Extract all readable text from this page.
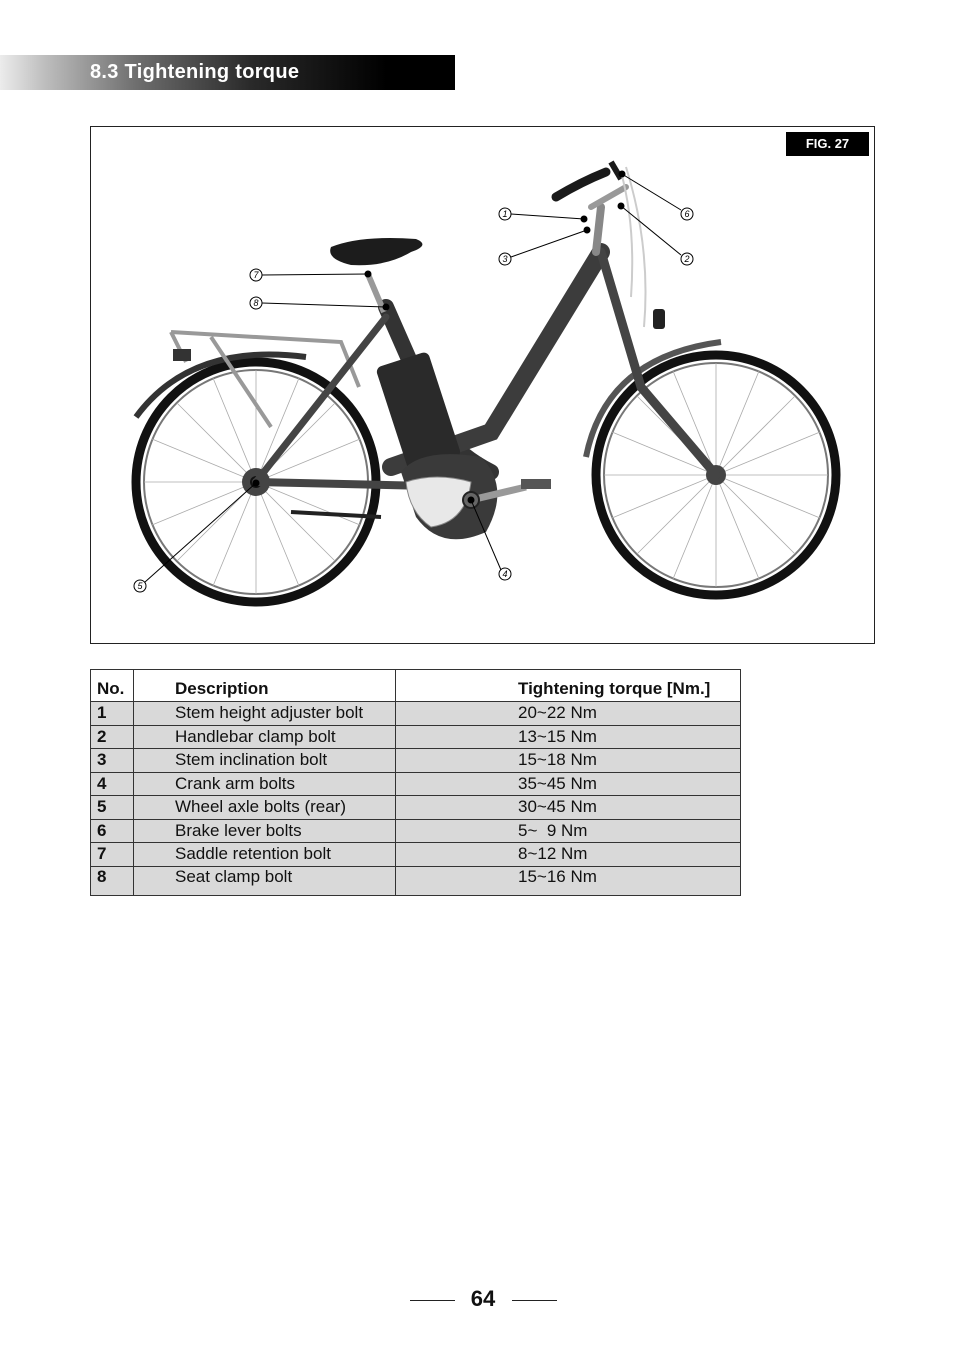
8.3 Tightening torque
FIG. 27
1
2
3
4
5
6
7
8
No.	Description	Tightening torque [Nm.]
1	Stem height adjuster bolt	20~22 Nm
2	Handlebar clamp bolt	13~15 Nm
3	Stem inclination bolt	15~18 Nm
4	Crank arm bolts	35~45 Nm
5	Wheel axle bolts (rear)	30~45 Nm
6	Brake lever bolts	5~  9 Nm
7	Saddle retention bolt	8~12 Nm
8	Seat clamp bolt	15~16 Nm
64
